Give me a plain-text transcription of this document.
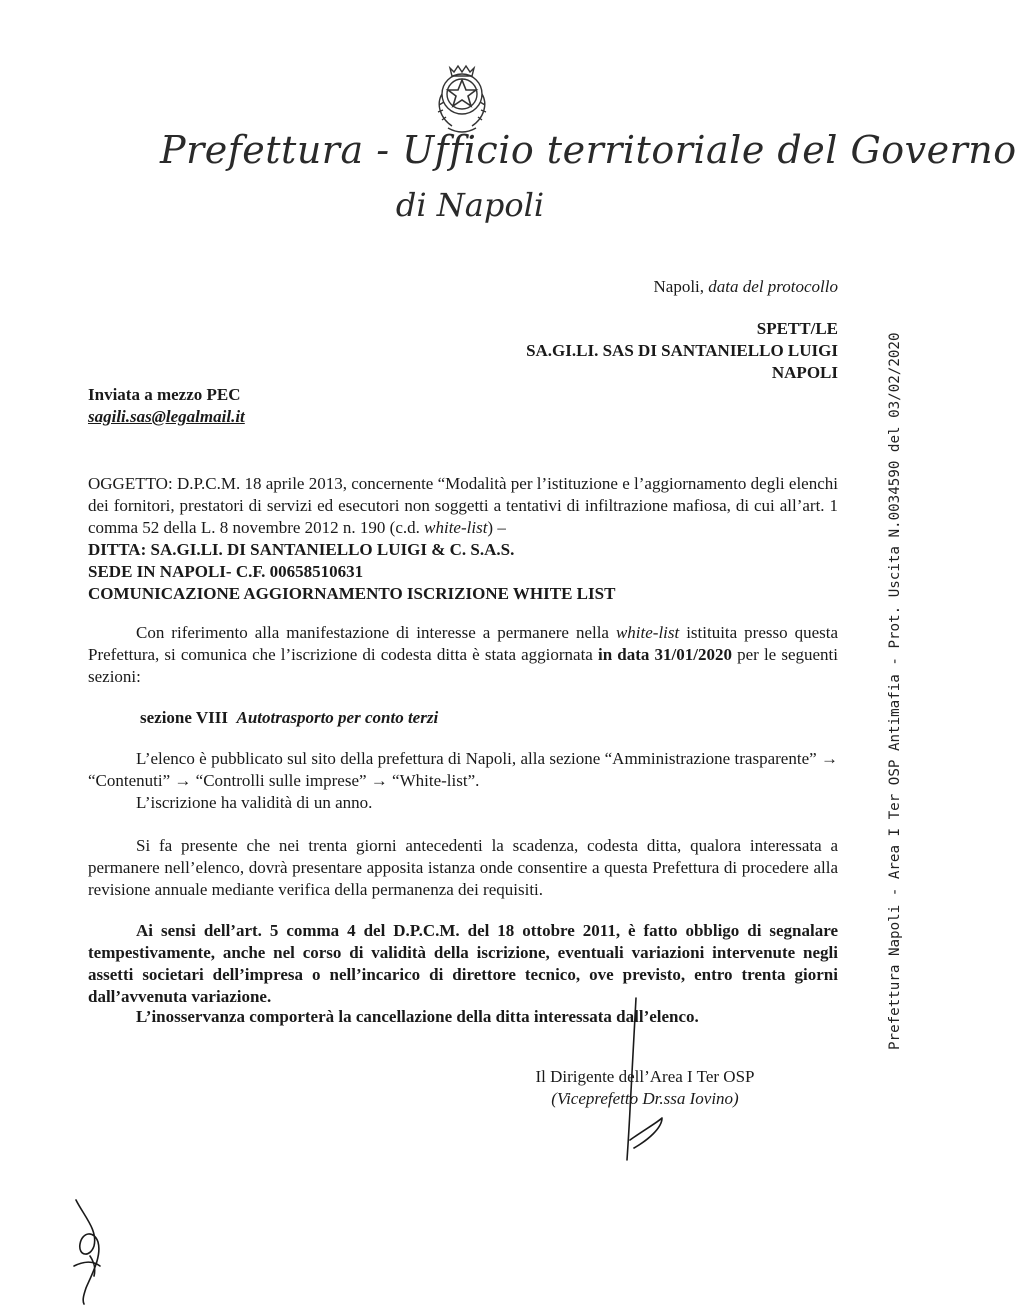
Prefettura - Ufficio territoriale del Governo
di Napoli
Napoli, data del protocollo
SPETT/LE
SA.GI.LI. SAS DI SANTANIELLO LUIGI
NAPOLI
Inviata a mezzo PEC
sagili.sas@legalmail.it
OGGETTO: D.P.C.M. 18 aprile 2013, concernente “Modalità per l’istituzione e l’aggiornamento degli elenchi dei fornitori, prestatori di servizi ed esecutori non soggetti a tentativi di infiltrazione mafiosa, di cui all’art. 1 comma 52 della L. 8 novembre 2012 n. 190 (c.d. white-list) –
DITTA: SA.GI.LI. DI SANTANIELLO LUIGI & C. S.A.S.
SEDE IN NAPOLI- C.F. 00658510631
COMUNICAZIONE AGGIORNAMENTO ISCRIZIONE WHITE LIST
Con riferimento alla manifestazione di interesse a permanere nella white-list istituita presso questa Prefettura, si comunica che l’iscrizione di codesta ditta è stata aggiornata in data 31/01/2020 per le seguenti sezioni:
sezione VIII Autotrasporto per conto terzi
L’elenco è pubblicato sul sito della prefettura di Napoli, alla sezione “Amministrazione trasparente” → “Contenuti” → “Controlli sulle imprese” → “White-list”.
L’iscrizione ha validità di un anno.
Si fa presente che nei trenta giorni antecedenti la scadenza, codesta ditta, qualora interessata a permanere nell’elenco, dovrà presentare apposita istanza onde consentire a questa Prefettura di procedere alla revisione annuale mediante verifica della permanenza dei requisiti.
Ai sensi dell’art. 5 comma 4 del D.P.C.M. del 18 ottobre 2011, è fatto obbligo di segnalare tempestivamente, anche nel corso di validità della iscrizione, eventuali variazioni intervenute negli assetti societari dell’impresa o nell’incarico di direttore tecnico, ove previsto, entro trenta giorni dall’avvenuta variazione.
L’inosservanza comporterà la cancellazione della ditta interessata dall’elenco.
Il Dirigente dell’Area I Ter OSP
(Viceprefetto Dr.ssa Iovino)
Prefettura Napoli - Area I Ter OSP Antimafia - Prot. Uscita N.0034590 del 03/02/2020
